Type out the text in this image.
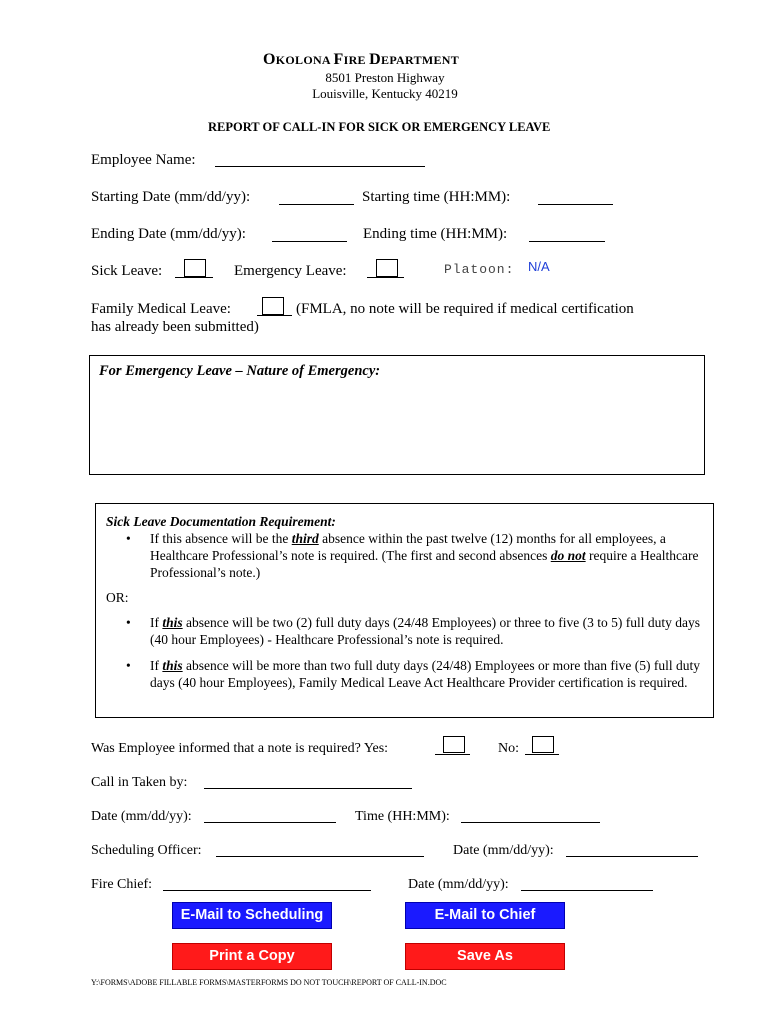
OKOLONA FIRE DEPARTMENT
8501 Preston Highway
Louisville, Kentucky 40219
REPORT OF CALL-IN FOR SICK OR EMERGENCY LEAVE
Employee Name:
Starting Date (mm/dd/yy):	Starting time (HH:MM):
Ending Date (mm/dd/yy):	Ending time (HH:MM):
Sick Leave:	Emergency Leave:	Platoon: N/A
Family Medical Leave:	(FMLA, no note will be required if medical certification
has already been submitted)
For Emergency Leave – Nature of Emergency:
Sick Leave Documentation Requirement:
• If this absence will be the third absence within the past twelve (12) months for all employees, a Healthcare Professional’s note is required. (The first and second absences do not require a Healthcare Professional’s note.)
OR:
• If this absence will be two (2) full duty days (24/48 Employees) or three to five (3 to 5) full duty days (40 hour Employees) - Healthcare Professional’s note is required.
• If this absence will be more than two full duty days (24/48) Employees or more than five (5) full duty days (40 hour Employees), Family Medical Leave Act Healthcare Provider certification is required.
Was Employee informed that a note is required? Yes:	No:
Call in Taken by:
Date (mm/dd/yy):	Time (HH:MM):
Scheduling Officer:	Date (mm/dd/yy):
Fire Chief:	Date (mm/dd/yy):
E-Mail to Scheduling	E-Mail to Chief
Print a Copy	Save As
Y:\FORMS\ADOBE FILLABLE FORMS\MASTERFORMS DO NOT TOUCH\REPORT OF CALL-IN.DOC
